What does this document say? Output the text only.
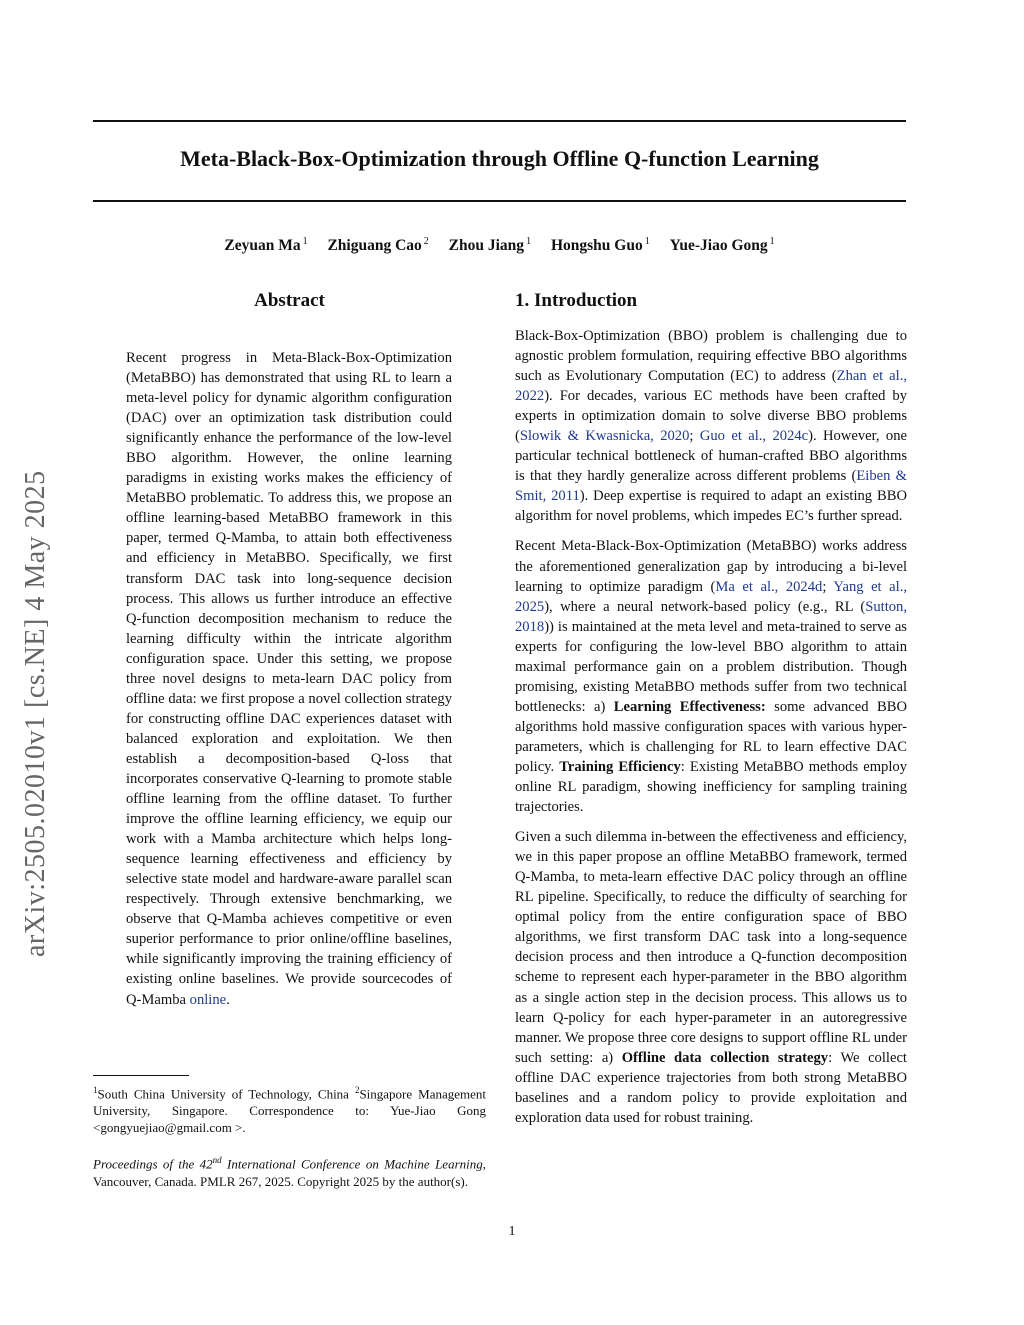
arXiv:2505.02010v1 [cs.NE] 4 May 2025
Meta-Black-Box-Optimization through Offline Q-function Learning
Zeyuan Ma $^1$ Zhiguang Cao $^2$ Zhou Jiang $^1$ Hongshu Guo $^1$ Yue-Jiao Gong $^1$
Abstract

Recent progress in Meta-Black-Box-Optimization (MetaBBO) has demonstrated that using RL to learn a meta-level policy for dynamic algorithm configuration (DAC) over an optimization task distribution could significantly enhance the performance of the low-level BBO algorithm. However, the online learning paradigms in existing works makes the efficiency of MetaBBO problematic. To address this, we propose an offline learning-based MetaBBO framework in this paper, termed Q-Mamba, to attain both effectiveness and efficiency in MetaBBO. Specifically, we first transform DAC task into long-sequence decision process. This allows us further introduce an effective Q-function decomposition mechanism to reduce the learning difficulty within the intricate algorithm configuration space. Under this setting, we propose three novel designs to meta-learn DAC policy from offline data: we first propose a novel collection strategy for constructing offline DAC experiences dataset with balanced exploration and exploitation. We then establish a decomposition-based Q-loss that incorporates conservative Q-learning to promote stable offline learning from the offline dataset. To further improve the offline learning efficiency, we equip our work with a Mamba architecture which helps long-sequence learning effectiveness and efficiency by selective state model and hardware-aware parallel scan respectively. Through extensive benchmarking, we observe that Q-Mamba achieves competitive or even superior performance to prior online/offline baselines, while significantly improving the training efficiency of existing online baselines. We provide sourcecodes of Q-Mamba online.

$^1$South China University of Technology, China $^2$Singapore Management University, Singapore. Correspondence to: Yue-Jiao Gong <gongyuejiao@gmail.com >.

Proceedings of the 42nd International Conference on Machine Learning, Vancouver, Canada. PMLR 267, 2025. Copyright 2025 by the author(s).

1. Introduction

Black-Box-Optimization (BBO) problem is challenging due to agnostic problem formulation, requiring effective BBO algorithms such as Evolutionary Computation (EC) to address (Zhan et al., 2022). For decades, various EC methods have been crafted by experts in optimization domain to solve diverse BBO problems (Slowik & Kwasnicka, 2020; Guo et al., 2024c). However, one particular technical bottleneck of human-crafted BBO algorithms is that they hardly generalize across different problems (Eiben & Smit, 2011). Deep expertise is required to adapt an existing BBO algorithm for novel problems, which impedes EC’s further spread.

Recent Meta-Black-Box-Optimization (MetaBBO) works address the aforementioned generalization gap by introducing a bi-level learning to optimize paradigm (Ma et al., 2024d; Yang et al., 2025), where a neural network-based policy (e.g., RL (Sutton, 2018)) is maintained at the meta level and meta-trained to serve as experts for configuring the low-level BBO algorithm to attain maximal performance gain on a problem distribution. Though promising, existing MetaBBO methods suffer from two technical bottlenecks: a) Learning Effectiveness: some advanced BBO algorithms hold massive configuration spaces with various hyper-parameters, which is challenging for RL to learn effective DAC policy. Training Efficiency: Existing MetaBBO methods employ online RL paradigm, showing inefficiency for sampling training trajectories.

Given a such dilemma in-between the effectiveness and efficiency, we in this paper propose an offline MetaBBO framework, termed Q-Mamba, to meta-learn effective DAC policy through an offline RL pipeline. Specifically, to reduce the difficulty of searching for optimal policy from the entire configuration space of BBO algorithms, we first transform DAC task into a long-sequence decision process and then introduce a Q-function decomposition scheme to represent each hyper-parameter in the BBO algorithm as a single action step in the decision process. This allows us to learn Q-policy for each hyper-parameter in an autoregressive manner. We propose three core designs to support offline RL under such setting: a) Offline data collection strategy: We collect offline DAC experience trajectories from both strong MetaBBO baselines and a random policy to provide exploitation and exploration data used for robust training.

1
